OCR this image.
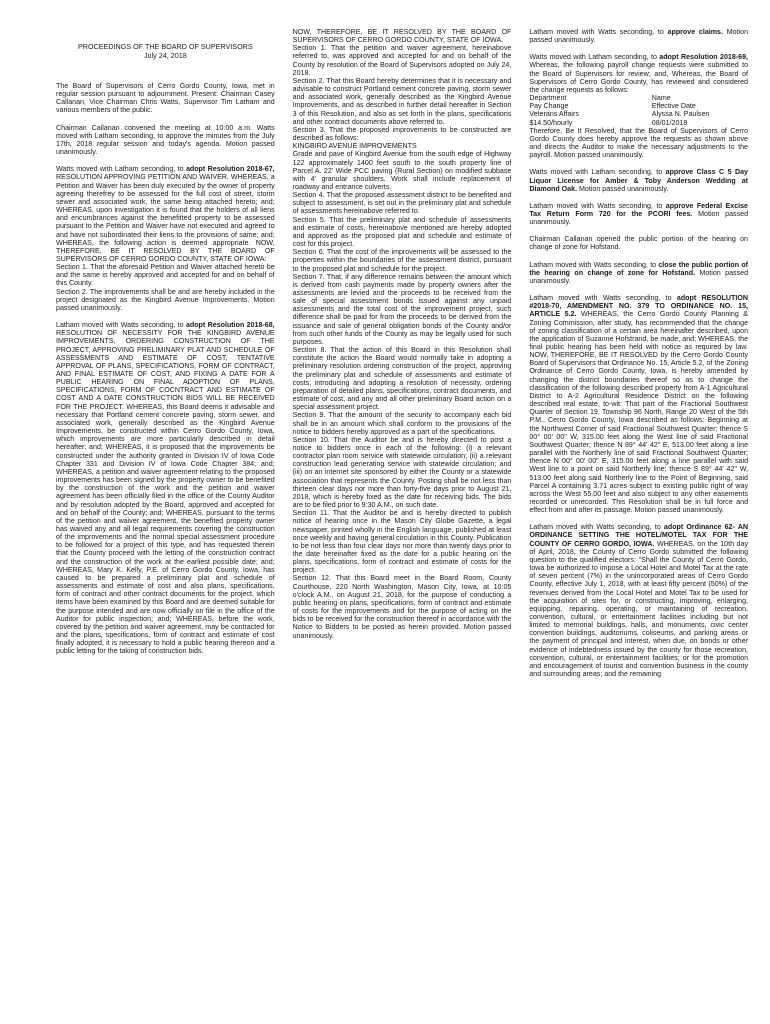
PROCEEDINGS OF THE BOARD OF SUPERVISORS
July 24, 2018

The Board of Supervisors of Cerro Gordo County, Iowa, met in regular session pursuant to adjournment. Present: Chairman Casey Callanan, Vice Chairman Chris Watts, Supervisor Tim Latham and various members of the public.

Chairman Callanan convened the meeting at 10:00 a.m. Watts moved with Latham seconding, to approve the minutes from the July 17th, 2018 regular session and today's agenda. Motion passed unanimously.

Watts moved with Latham seconding, to adopt Resolution 2018-67, RESOLUTION APPROVING PETITION AND WAIVER. WHEREAS, a Petition and Waiver has been duly executed by the owner of property agreeing therefrey to be assessed for the full cost of street, storm sewer and associated work, the same being attached hereto; and; WHEREAS, upon investigation it is found that the holders of all liens and encumbrances against the benefitted property to be assessed pursuant to the Petition and Waiver have not executed and agreed to and have not subordinated their liens to the provisions of same; and; WHEREAS, the following action is deemed appropriate. NOW, THEREFORE, BE IT RESOLVED BY THE BOARD OF SUPERVISORS OF CERRO GORDO COUNTY, STATE OF IOWA:

Section 1. That the aforesaid Petition and Waiver attached hereto be and the same is hereby approved and accepted for and on behalf of this County.

Section 2. The improvements shall be and are hereby included in the project designated as the Kingbird Avenue Improvements. Motion passed unanimously.

Latham moved with Watts seconding, to adopt Resolution 2018-68, RESOLUTION OF NECESSITY FOR THE KINGBIRD AVENUE IMPROVEMENTS, ORDERING CONSTRUCTION OF THE PROJECT, APPROVING PRELIMINARY PLAT AND SCHEDULE OF ASSESSMENTS AND ESTIMATE OF COST, TENTATIVE APPROVAL OF PLANS, SPECIFICATIONS, FORM OF CONTRACT, AND FINAL ESTIMATE OF COST, AND FIXING A DATE FOR A PUBLIC HEARING ON FINAL ADOPTION OF PLANS, SPECIFICATIONS, FORM OF COCNTRACT AND ESTIMATE OF COST AND A DATE CONSTRUCTION BIDS WILL BE RECEIVED FOR THE PROJECT. WHEREAS, this Board deems it advisable and necessary that Portland cement concrete paving, storm sewer, and associated work, generally described as the Kingbird Avenue Improvements, be constructed within Cerro Gordo County, Iowa, which improvements are more particularly described in detail hereafter; and; WHEREAS, it is proposed that the improvements be constructed under the authority granted in Division IV of Iowa Code Chapter 331 and Division IV of Iowa Code Chapter 384; and; WHEREAS, a petition and waiver agreement relating to the proposed improvements has been signed by the property owner to be benefited by the construction of the work and the petition and waiver agreement has been officially filed in the office of the County Auditor and by resolution adopted by the Board, approved and accepted for and on behalf of the County; and; WHEREAS, pursuant to the terms of the petition and waiver agreement, the benefited property owner has waived any and all legal requirements covering the construction of the improvements and the normal special assessment procedure to be followed for a project of this type, and has requested therein that the County proceed with the letting of the construction contract and the construction of the work at the earliest possible date; and; WHEREAS, Mary K. Kelly, P.E. of Cerro Gordo County, Iowa, has caused to be prepared a preliminary plat and schedule of assessments and estimate of cost and also plans, specifications, form of contract and other contract documents for the project, which items have been examined by this Board and are deemed suitable for the purpose intended and are now officially on file in the office of the Auditor for public inspection; and; WHEREAS, before the work, covered by the petition and waiver agreement, may be contracted for and the plans, specifications, form of contract and estimate of cost finally adopted, it is necessary to hold a public hearing thereon and a public letting for the taking of construction bids.

NOW, THEREFORE, BE IT RESOLVED BY THE BOARD OF SUPERVISORS OF CERRO GORDO COUNTY, STATE OF IOWA:

Section 1. That the petition and waiver agreement, hereinabove referred to, was approved and accepted for and on behalf of the County by resolution of the Board of Supervisors adopted on July 24, 2018.

Section 2. That this Board hereby determines that it is necessary and advisable to construct Portland cement concrete paving, storm sewer and associated work, generally described as the Kingbird Avenue Improvements, and as described in further detail hereafter in Section 3 of this Resolution, and also as set forth in the plans, specifications and other contract documents above referred to.

Section 3. That the proposed improvements to be constructed are described as follows:

KINGBIRD AVENUE IMPROVEMENTS

Grade and pave of Kingbird Avenue from the south edge of Highway 122 approximately 1400 feet south to the south property line of Parcel A. 22' Wide PCC paving (Rural Section) on modified subbase with 4' granular shoulders. Work shall include replacement of roadway and entrance culverts.

Section 4. That the proposed assessment district to be benefited and subject to assessment, is set out in the preliminary plat and schedule of assessments hereinabove referred to.

Section 5. That the preliminary plat and schedule of assessments and estimate of costs, hereinabove mentioned are hereby adopted and approved as the proposed plat and schedule and estimate of cost for this project.

Section 6. That the cost of the improvements will be assessed to the properties within the boundaries of the assessment district, pursuant to the proposed plat and schedule for the project.

Section 7. That, if any difference remains between the amount which is derived from cash payments made by property owners after the assessments are levied and the proceeds to be received from the sale of special assessment bonds issued against any unpaid assessments and the total cost of the improvement project, such difference shall be paid for from the proceeds to be derived from the issuance and sale of general obligation bonds of the County and/or from such other funds of the County as may be legally used for such purposes.

Section 8. That the action of this Board in this Resolution shall constitute the action the Board would normally take in adopting a preliminary resolution ordering construction of the project, approving the preliminary plat and schedule of assessments and estimate of costs, introducing and adopting a resolution of necessity, ordering preparation of detailed plans, specifications, contract documents, and estimate of cost, and any and all other preliminary Board action on a special assessment project.

Section 9. That the amount of the security to accompany each bid shall be in an amount which shall conform to the provisions of the notice to bidders hereby approved as a part of the specifications.

Section 10. That the Auditor be and is hereby directed to post a notice to bidders once in each of the following: (i) a relevant contractor plan room service with statewide circulation; (ii) a relevant construction lead generating service with statewide circulation; and (iii) on an internet site sponsored by either the County or a statewide association that represents the County. Posting shall be not less than thirteen clear days nor more than forty-five days prior to August 21, 2018, which is hereby fixed as the date for receiving bids. The bids are to be filed prior to 9:30 A.M., on such date.

Section 11. That the Auditor be and is hereby directed to publish notice of hearing once in the Mason City Globe Gazette, a legal newspaper, printed wholly in the English language, published at least once weekly and having general circulation in this County. Publication to be not less than four clear days nor more than twenty days prior to the date hereinafter fixed as the date for a public hearing on the plans, specifications, form of contract and estimate of costs for the project.

Section 12. That this Board meet in the Board Room, County Courthouse, 220 North Washington, Mason City, Iowa, at 10:05 o'clock A.M., on August 21, 2018, for the purpose of conducting a public hearing on plans, specifications, form of contract and estimate of costs for the improvements and for the purpose of acting on the bids to be received for the construction thereof in accordance with the Notice to Bidders to be posted as herein provided. Motion passed unanimously.

Latham moved with Watts seconding, to approve claims. Motion passed unanimously.

Watts moved with Latham seconding, to adopt Resolution 2018-69, Whereas, the following payroll change requests were submitted to the Board of Supervisors for review; and, Whereas, the Board of Supervisors of Cerro Gordo County, has reviewed and considered the change requests as follows:

Department	Name
Pay Change	Effective Date
Veterans Affairs	Alyssa N. Paulsen
$14.50/hourly	08/01/2018

Therefore, Be It Resolved, that the Board of Supervisors of Cerro Gordo County does hereby approve the requests as shown above and directs the Auditor to make the necessary adjustments to the payroll. Motion passed unanimously.

Watts moved with Latham seconding, to approve Class C 5 Day Liquor License for Amber & Toby Anderson Wedding at Diamond Oak. Motion passed unanimously.

Latham moved with Watts seconding, to approve Federal Excise Tax Return Form 720 for the PCORI fees. Motion passed unanimously.

Chairman Callanan opened the public portion of the hearing on change of zone for Hofstand.

Latham moved with Watts seconding, to close the public portion of the hearing on change of zone for Hofstand. Motion passed unanimously.

Latham moved with Watts seconding, to adopt RESOLUTION #2018-70, AMENDMENT NO. 379 TO ORDINANCE NO. 15, ARTICLE 5.2. WHEREAS, the Cerro Gordo County Planning & Zoning Commission, after study, has recommended that the change of zoning classification of a certain area hereinafter described, upon the application of Suzanne Hofstrand, be made, and; WHEREAS, the final public hearing has been held with notice as required by law. NOW, THEREFORE, BE IT RESOLVED by the Cerro Gordo County Board of Supervisors that Ordinance No. 15, Article 5.2, of the Zoning Ordinance of Cerro Gordo County, Iowa, is hereby amended by changing the district boundaries thereof so as to change the classification of the following described property from A-1 Agricultural District to A-2 Agricultural Residence District on the following described real estate, to-wit: That part of the Fractional Southwest Quarter of Section 19, Township 96 North, Range 20 West of the 5th P.M., Cerro Gordo County, Iowa described as follows: Beginning at the Northwest Corner of said Fractional Southwest Quarter; thence S 00° 00' 00" W, 315.00 feet along the West line of said Fractional Southwest Quarter; thence N 89° 44' 42" E, 513.00 feet along a line parallel with the Northerly line of said Fractional Southwest Quarter; thence N 00° 00' 00" E, 315.00 feet along a line parallel with said West line to a point on said Northerly line; thence S 89° 44' 42" W, 513.00 feet along said Northerly line to the Point of Beginning, said Parcel A containing 3.71 acres subject to existing public right of way across the West 55.00 feet and also subject to any other easements recorded or unrecorded. This Resolution shall be in full force and effect from and after its passage. Motion passed unanimously.

Latham moved with Watts seconding, to adopt Ordinance 62- AN ORDINANCE SETTING THE HOTEL/MOTEL TAX FOR THE COUNTY OF CERRO GORDO, IOWA. WHEREAS, on the 10th day of April, 2018, the County of Cerro Gordo submitted the following question to the qualified electors: "Shall the County of Cerro Gordo, Iowa be authorized to impose a Local Hotel and Motel Tax at the rate of seven percent (7%) in the unincorporated areas of Cerro Gordo County, effective July 1, 2018, with at least fifty percent (50%) of the revenues derived from the Local Hotel and Motel Tax to be used for the acquisition of sites for, or constructing, improving, enlarging, equipping, repairing, operating, or maintaining of recreation, convention, cultural, or entertainment facilities including but not limited to memorial buildings, halls, and monuments, civic center convention buildings, auditoriums, coliseums, and parking areas or the payment of principal and interest, when due, on bonds or other evidence of indebtedness issued by the county for those recreation, convention, cultural, or entertainment facilities; or for the promotion and encouragement of tourist and convention business in the county and surrounding areas; and the remaining
